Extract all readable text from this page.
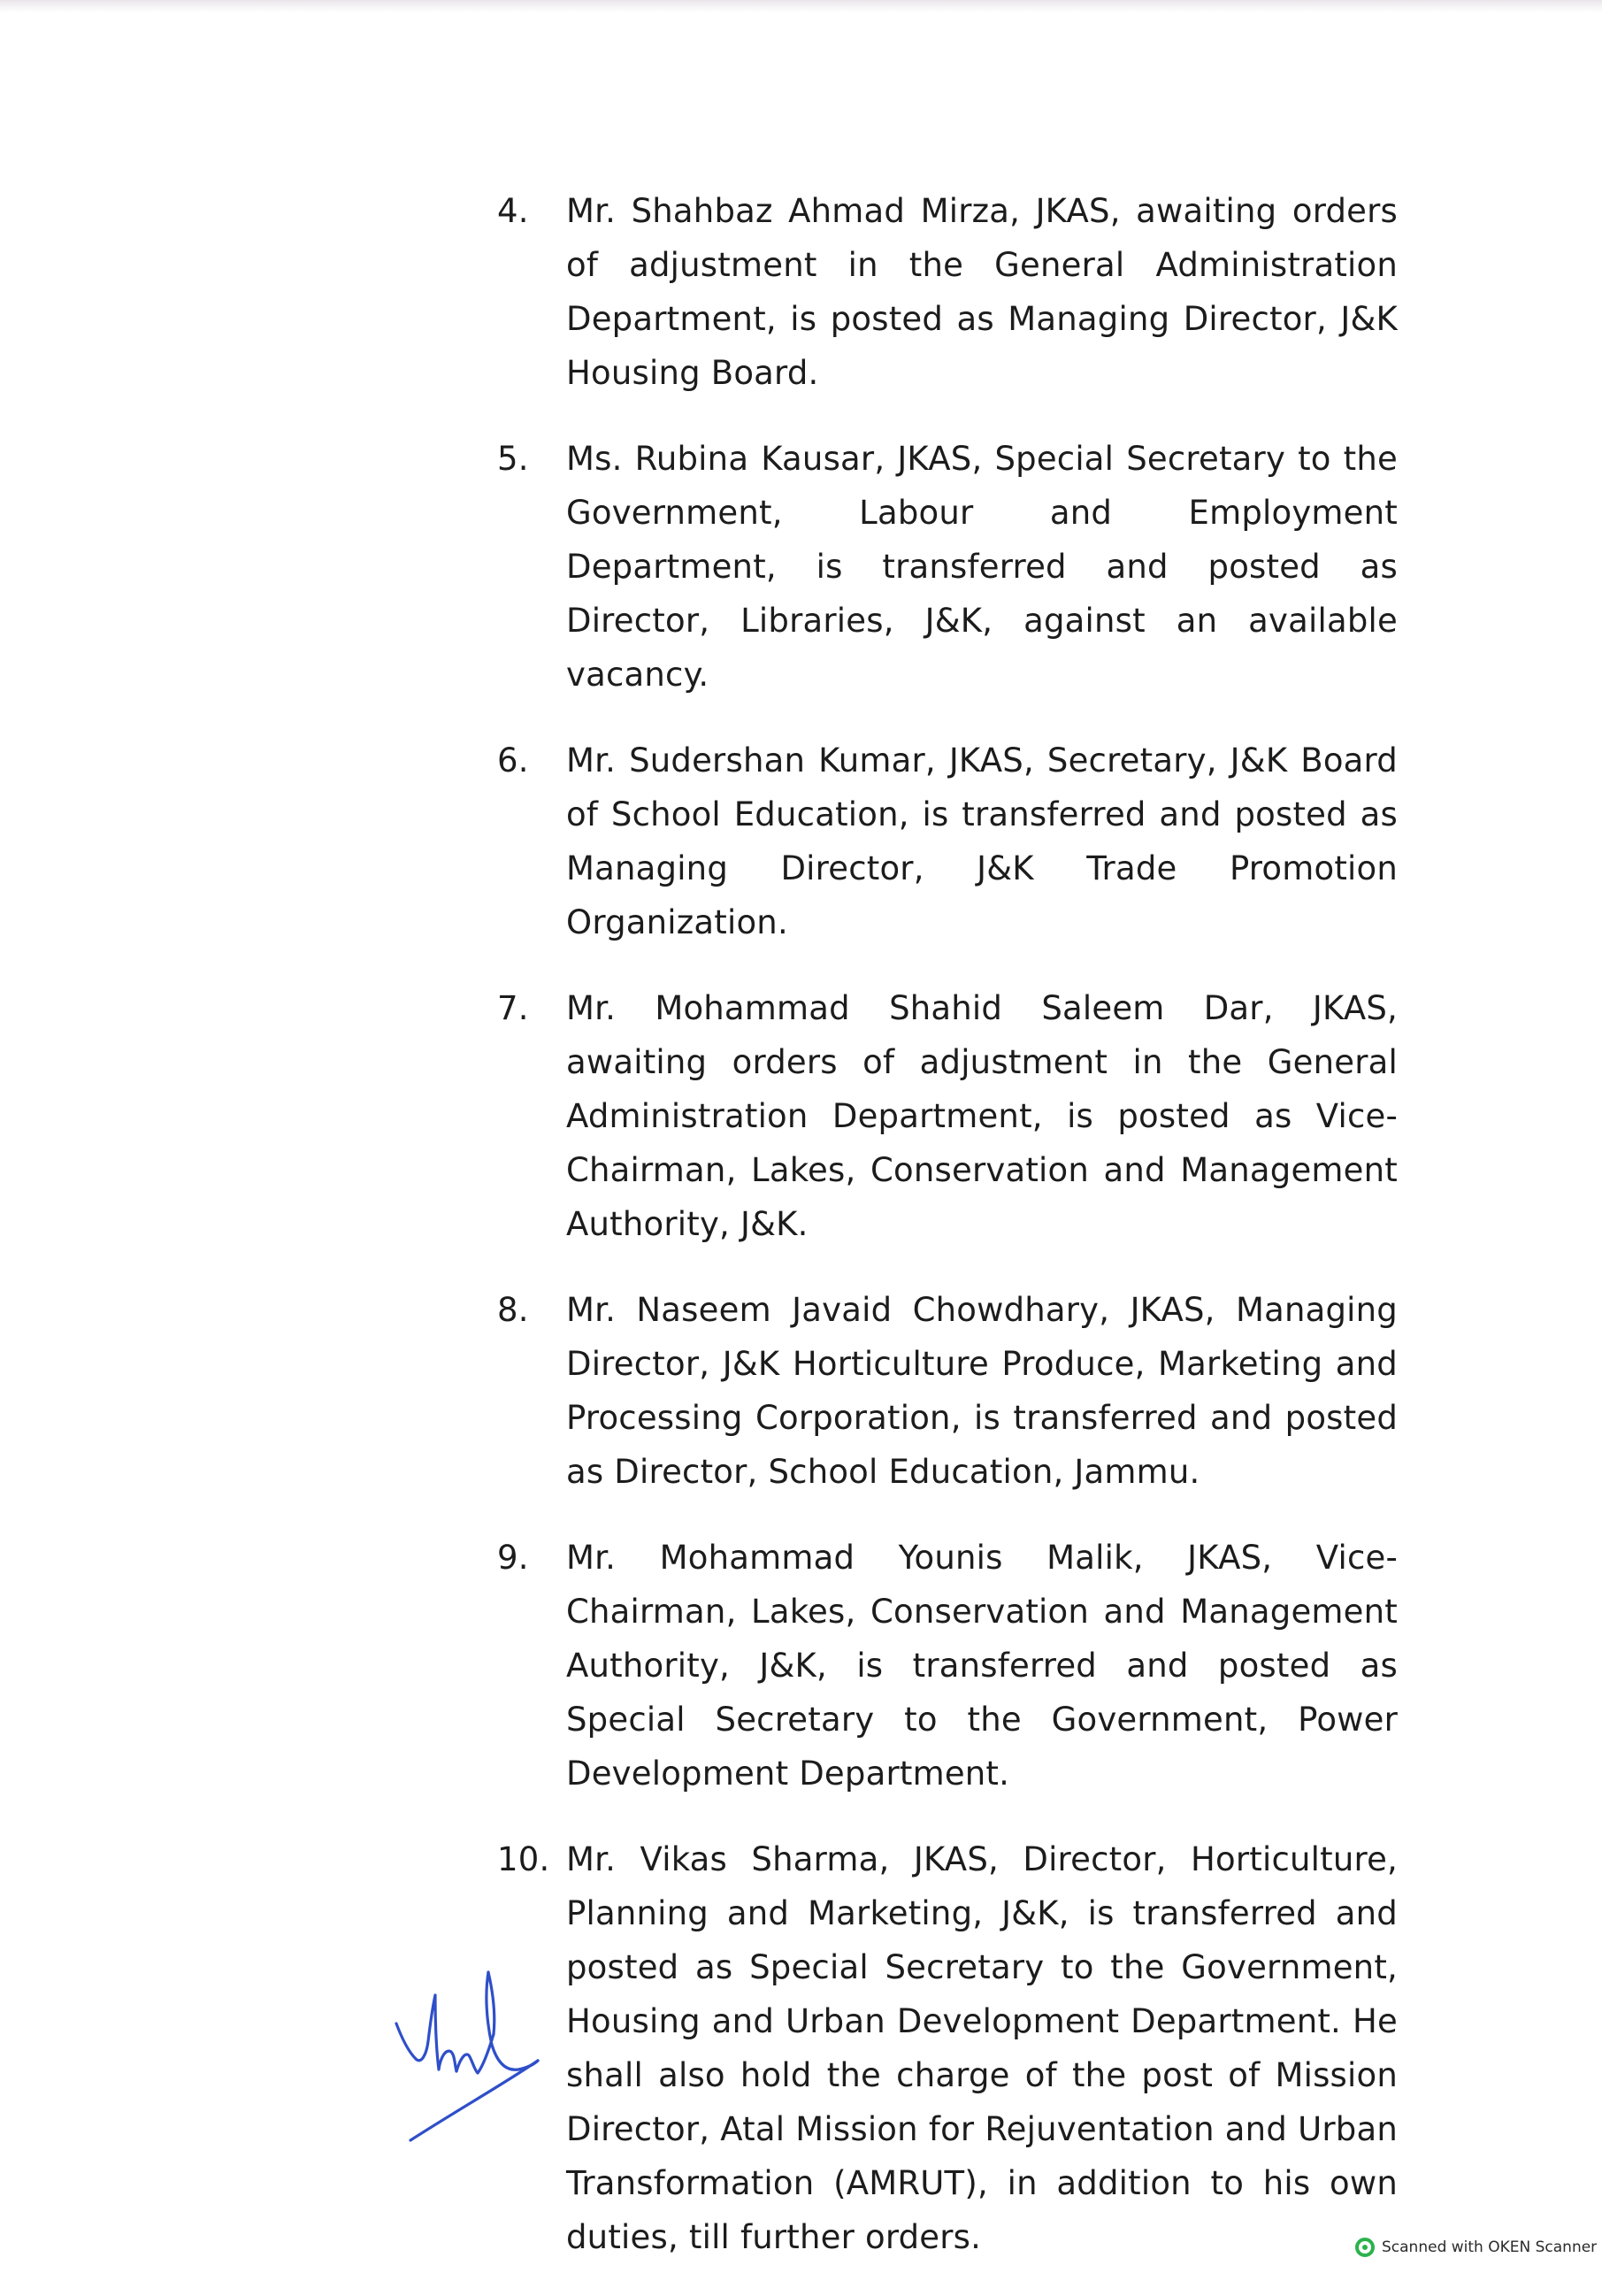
4.	Mr. Shahbaz Ahmad Mirza, JKAS, awaiting orders of adjustment in the General Administration Department, is posted as Managing Director, J&K Housing Board.
5.	Ms. Rubina Kausar, JKAS, Special Secretary to the Government, Labour and Employment Department, is transferred and posted as Director, Libraries, J&K, against an available vacancy.
6.	Mr. Sudershan Kumar, JKAS, Secretary, J&K Board of School Education, is transferred and posted as Managing Director, J&K Trade Promotion Organization.
7.	Mr. Mohammad Shahid Saleem Dar, JKAS, awaiting orders of adjustment in the General Administration Department, is posted as Vice-Chairman, Lakes, Conservation and Management Authority, J&K.
8.	Mr. Naseem Javaid Chowdhary, JKAS, Managing Director, J&K Horticulture Produce, Marketing and Processing Corporation, is transferred and posted as Director, School Education, Jammu.
9.	Mr. Mohammad Younis Malik, JKAS, Vice-Chairman, Lakes, Conservation and Management Authority, J&K, is transferred and posted as Special Secretary to the Government, Power Development Department.
10. Mr. Vikas Sharma, JKAS, Director, Horticulture, Planning and Marketing, J&K, is transferred and posted as Special Secretary to the Government, Housing and Urban Development Department. He shall also hold the charge of the post of Mission Director, Atal Mission for Rejuventation and Urban Transformation (AMRUT), in addition to his own duties, till further orders.	Scanned with OKEN Scanner
